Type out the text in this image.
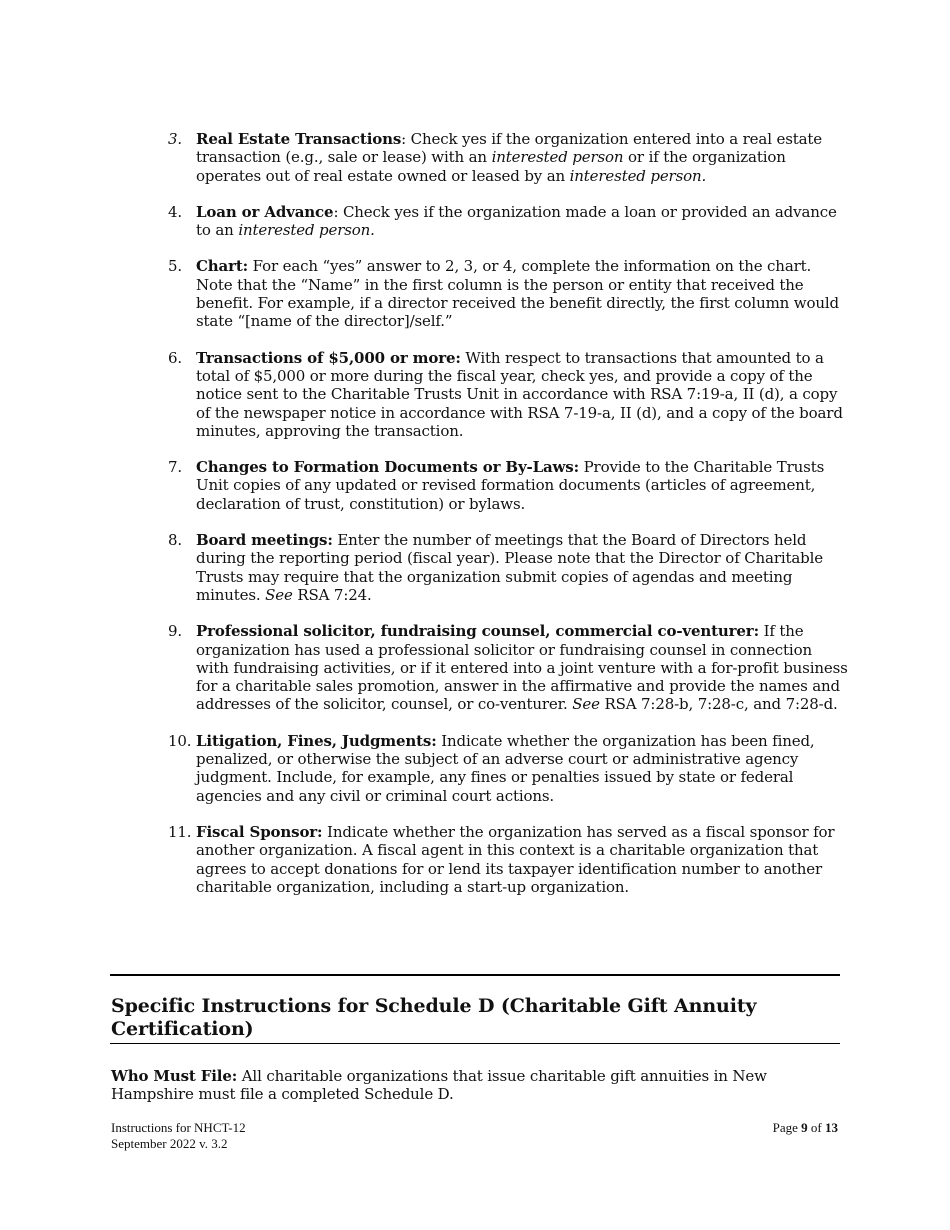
3. Real Estate Transactions: Check yes if the organization entered into a real estate transaction (e.g., sale or lease) with an interested person or if the organization operates out of real estate owned or leased by an interested person.
4. Loan or Advance: Check yes if the organization made a loan or provided an advance to an interested person.
5. Chart: For each “yes” answer to 2, 3, or 4, complete the information on the chart. Note that the “Name” in the first column is the person or entity that received the benefit. For example, if a director received the benefit directly, the first column would state “[name of the director]/self.”
6. Transactions of $5,000 or more: With respect to transactions that amounted to a total of $5,000 or more during the fiscal year, check yes, and provide a copy of the notice sent to the Charitable Trusts Unit in accordance with RSA 7:19-a, II (d), a copy of the newspaper notice in accordance with RSA 7-19-a, II (d), and a copy of the board minutes, approving the transaction.
7. Changes to Formation Documents or By-Laws: Provide to the Charitable Trusts Unit copies of any updated or revised formation documents (articles of agreement, declaration of trust, constitution) or bylaws.
8. Board meetings: Enter the number of meetings that the Board of Directors held during the reporting period (fiscal year). Please note that the Director of Charitable Trusts may require that the organization submit copies of agendas and meeting minutes. See RSA 7:24.
9. Professional solicitor, fundraising counsel, commercial co-venturer: If the organization has used a professional solicitor or fundraising counsel in connection with fundraising activities, or if it entered into a joint venture with a for-profit business for a charitable sales promotion, answer in the affirmative and provide the names and addresses of the solicitor, counsel, or co-venturer. See RSA 7:28-b, 7:28-c, and 7:28-d.
10. Litigation, Fines, Judgments: Indicate whether the organization has been fined, penalized, or otherwise the subject of an adverse court or administrative agency judgment. Include, for example, any fines or penalties issued by state or federal agencies and any civil or criminal court actions.
11. Fiscal Sponsor: Indicate whether the organization has served as a fiscal sponsor for another organization. A fiscal agent in this context is a charitable organization that agrees to accept donations for or lend its taxpayer identification number to another charitable organization, including a start-up organization.
Specific Instructions for Schedule D (Charitable Gift Annuity Certification)
Who Must File: All charitable organizations that issue charitable gift annuities in New Hampshire must file a completed Schedule D.
Instructions for NHCT-12
September 2022 v. 3.2
Page 9 of 13
